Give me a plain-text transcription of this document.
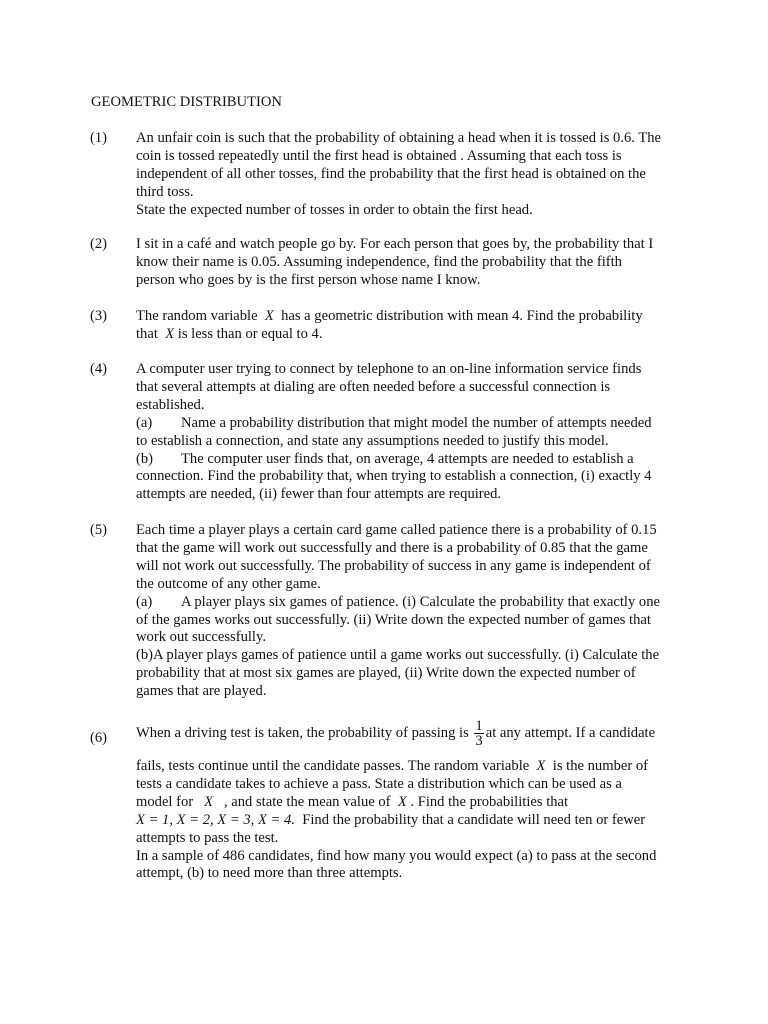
GEOMETRIC DISTRIBUTION
(1) An unfair coin is such that the probability of obtaining a head when it is tossed is 0.6. The

coin is tossed repeatedly until the first head is obtained . Assuming that each toss is

independent of all other tosses, find the probability that the first head is obtained on the

third toss.

State the expected number of tosses in order to obtain the first head.

(2) I sit in a café and watch people go by. For each person that goes by, the probability that I

know their name is 0.05. Assuming independence, find the probability that the fifth

person who goes by is the first person whose name I know.

(3) The random variable X has a geometric distribution with mean 4. Find the probability

that X is less than or equal to 4.

(4) A computer user trying to connect by telephone to an on-line information service finds

that several attempts at dialing are often needed before a successful connection is

established.

(a) Name a probability distribution that might model the number of attempts needed

to establish a connection, and state any assumptions needed to justify this model.

(b) The computer user finds that, on average, 4 attempts are needed to establish a

connection. Find the probability that, when trying to establish a connection, (i) exactly 4

attempts are needed, (ii) fewer than four attempts are required.

(5) Each time a player plays a certain card game called patience there is a probability of 0.15

that the game will work out successfully and there is a probability of 0.85 that the game

will not work out successfully. The probability of success in any game is independent of

the outcome of any other game.

(a) A player plays six games of patience. (i) Calculate the probability that exactly one

of the games works out successfully. (ii) Write down the expected number of games that

work out successfully.

(b)A player plays games of patience until a game works out successfully. (i) Calculate the

probability that at most six games are played, (ii) Write down the expected number of

games that are played.

(6) When a driving test is taken, the probability of passing is $\frac{1}{3}$ at any attempt. If a candidate

fails, tests continue until the candidate passes. The random variable X is the number of

tests a candidate takes to achieve a pass. State a distribution which can be used as a

model for X , and state the mean value of X . Find the probabilities that

X = 1, X = 2, X = 3, X = 4. Find the probability that a candidate will need ten or fewer

attempts to pass the test.

In a sample of 486 candidates, find how many you would expect (a) to pass at the second

attempt, (b) to need more than three attempts.
